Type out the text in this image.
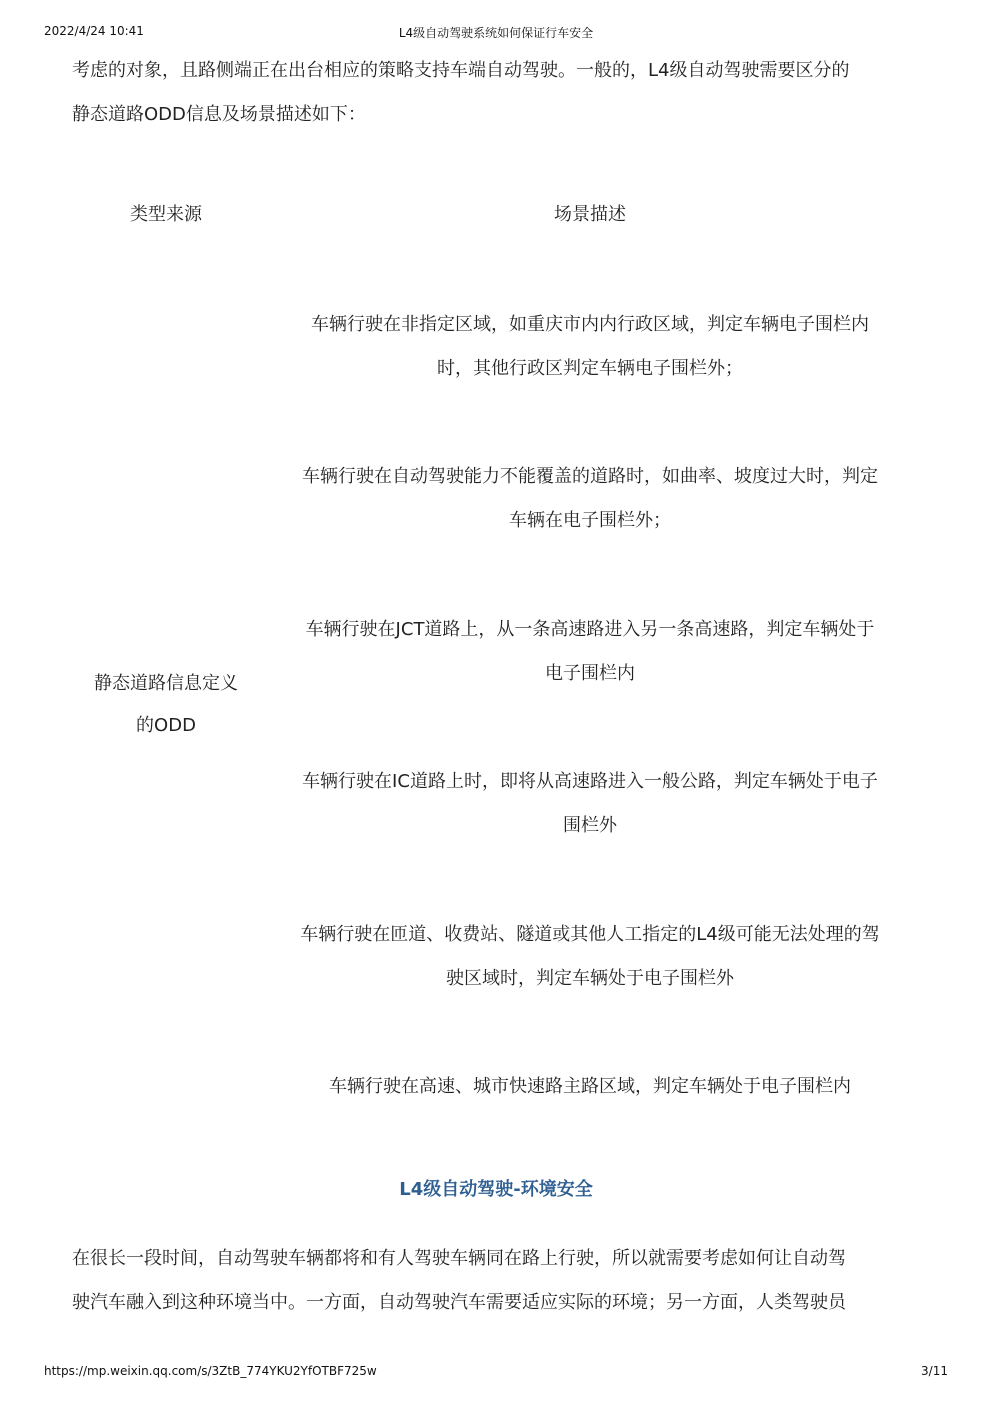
2022/4/24 10:41	L4级自动驾驶系统如何保证行车安全

考虑的对象，且路侧端正在出台相应的策略支持车端自动驾驶。一般的，L4级自动驾驶需要区分的

静态道路ODD信息及场景描述如下：

类型来源	场景描述

静态道路信息定义

的ODD

车辆行驶在非指定区域，如重庆市内内行政区域，判定车辆电子围栏内

时，其他行政区判定车辆电子围栏外；

车辆行驶在自动驾驶能力不能覆盖的道路时，如曲率、坡度过大时，判定

车辆在电子围栏外；

车辆行驶在JCT道路上，从一条高速路进入另一条高速路，判定车辆处于

电子围栏内

车辆行驶在IC道路上时，即将从高速路进入一般公路，判定车辆处于电子

围栏外

车辆行驶在匝道、收费站、隧道或其他人工指定的L4级可能无法处理的驾

驶区域时，判定车辆处于电子围栏外

车辆行驶在高速、城市快速路主路区域，判定车辆处于电子围栏内

L4级自动驾驶-环境安全

在很长一段时间，自动驾驶车辆都将和有人驾驶车辆同在路上行驶，所以就需要考虑如何让自动驾

驶汽车融入到这种环境当中。一方面，自动驾驶汽车需要适应实际的环境；另一方面，人类驾驶员

https://mp.weixin.qq.com/s/3ZtB_774YKU2YfOTBF725w	3/11
